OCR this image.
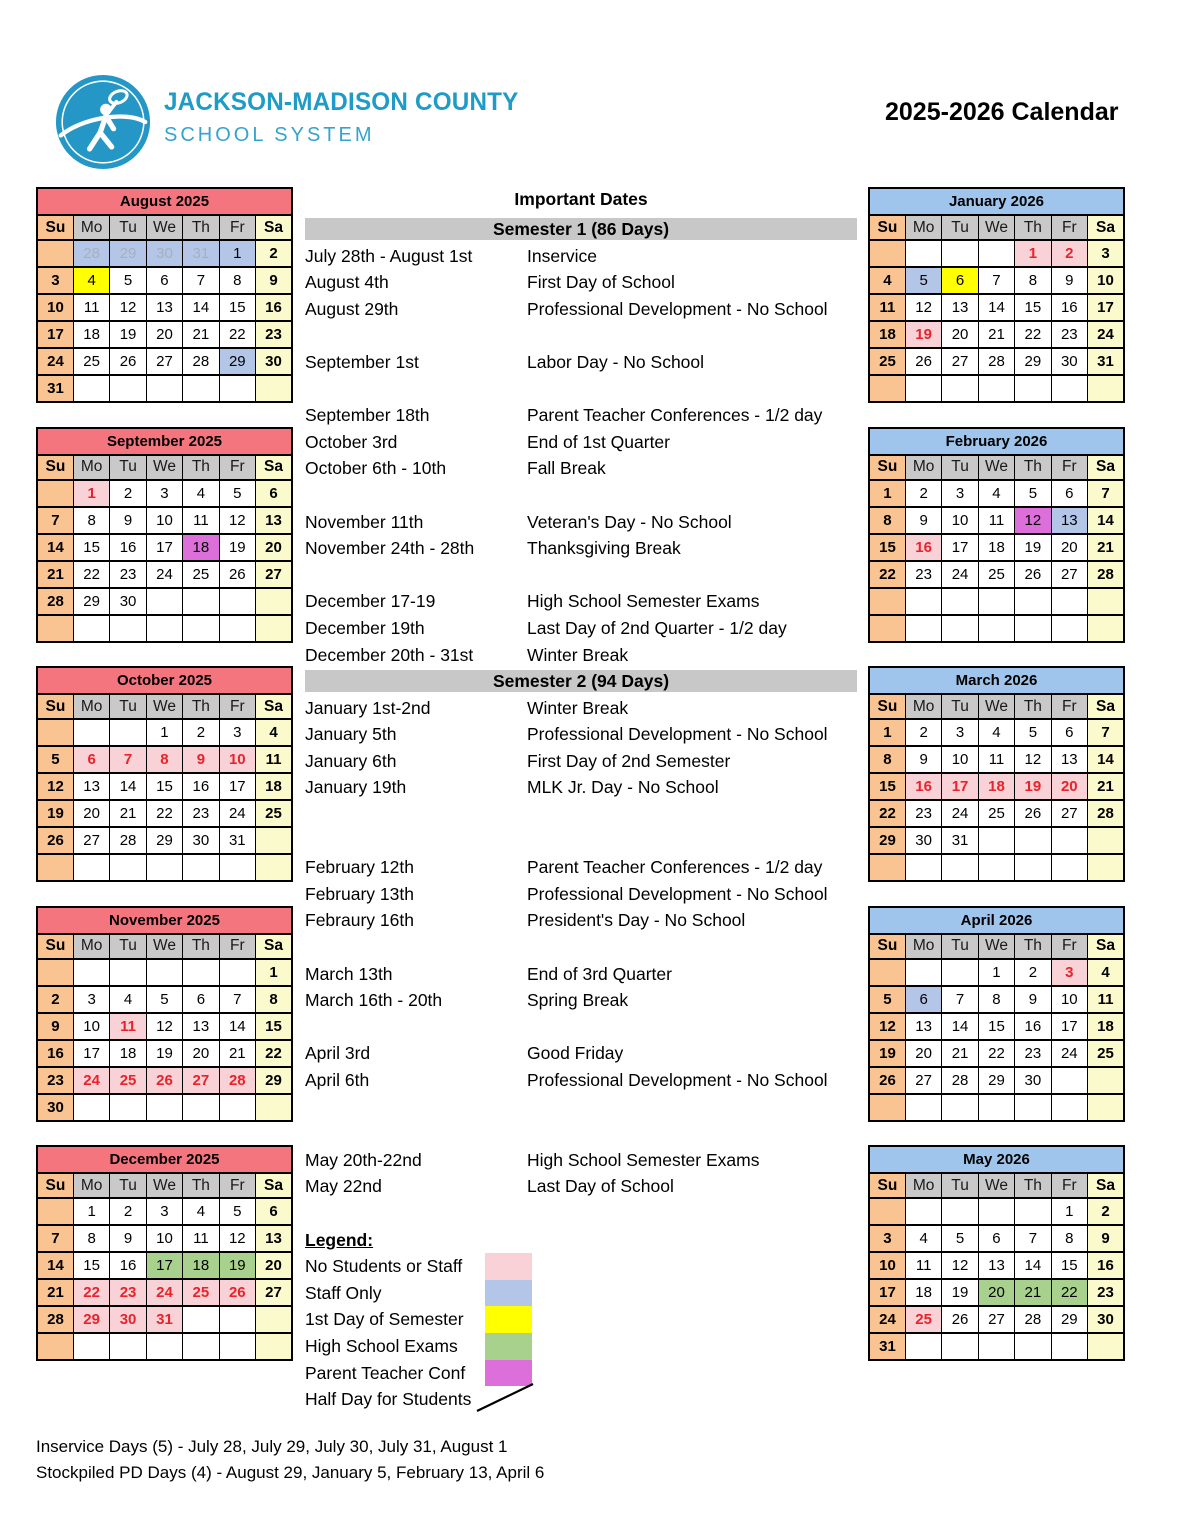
JACKSON-MADISON COUNTY
SCHOOL SYSTEM
2025-2026 Calendar
August 2025						
Su	Mo	Tu	We	Th	Fr	Sa
	28	29	30	31	1	2
3	4	5	6	7	8	9
10	11	12	13	14	15	16
17	18	19	20	21	22	23
24	25	26	27	28	29	30
31						
September 2025						
Su	Mo	Tu	We	Th	Fr	Sa
	1	2	3	4	5	6
7	8	9	10	11	12	13
14	15	16	17	18	19	20
21	22	23	24	25	26	27
28	29	30				

October 2025						
Su	Mo	Tu	We	Th	Fr	Sa
			1	2	3	4
5	6	7	8	9	10	11
12	13	14	15	16	17	18
19	20	21	22	23	24	25
26	27	28	29	30	31	

November 2025						
Su	Mo	Tu	We	Th	Fr	Sa
						1
2	3	4	5	6	7	8
9	10	11	12	13	14	15
16	17	18	19	20	21	22
23	24	25	26	27	28	29
30						
December 2025						
Su	Mo	Tu	We	Th	Fr	Sa
	1	2	3	4	5	6
7	8	9	10	11	12	13
14	15	16	17	18	19	20
21	22	23	24	25	26	27
28	29	30	31			

Important Dates
Semester 1 (86 Days)
July 28th - August 1st	Inservice
August 4th	First Day of School
August 29th	Professional Development - No School
September 1st	Labor Day - No School
September 18th	Parent Teacher Conferences - 1/2 day
October 3rd	End of 1st Quarter
October 6th - 10th	Fall Break
November 11th	Veteran's Day - No School
November 24th - 28th	Thanksgiving Break
December 17-19	High School Semester Exams
December 19th	Last Day of 2nd Quarter - 1/2 day
December 20th - 31st	Winter Break
Semester 2 (94 Days)
January 1st-2nd	Winter Break
January 5th	Professional Development - No School
January 6th	First Day of 2nd Semester
January 19th	MLK Jr. Day - No School
February 12th	Parent Teacher Conferences - 1/2 day
February 13th	Professional Development - No School
Febraury 16th	President's Day - No School
March 13th	End of 3rd Quarter
March 16th - 20th	Spring Break
April 3rd	Good Friday
April 6th	Professional Development - No School
May 20th-22nd	High School Semester Exams
May 22nd	Last Day of School
Legend:
No Students or Staff
Staff Only
1st Day of Semester
High School Exams
Parent Teacher Conf
Half Day for Students
January 2026						
Su	Mo	Tu	We	Th	Fr	Sa
				1	2	3
4	5	6	7	8	9	10
11	12	13	14	15	16	17
18	19	20	21	22	23	24
25	26	27	28	29	30	31

February 2026						
Su	Mo	Tu	We	Th	Fr	Sa
1	2	3	4	5	6	7
8	9	10	11	12	13	14
15	16	17	18	19	20	21
22	23	24	25	26	27	28

March 2026						
Su	Mo	Tu	We	Th	Fr	Sa
1	2	3	4	5	6	7
8	9	10	11	12	13	14
15	16	17	18	19	20	21
22	23	24	25	26	27	28
29	30	31				

April 2026						
Su	Mo	Tu	We	Th	Fr	Sa
			1	2	3	4
5	6	7	8	9	10	11
12	13	14	15	16	17	18
19	20	21	22	23	24	25
26	27	28	29	30		

May 2026						
Su	Mo	Tu	We	Th	Fr	Sa
					1	2
3	4	5	6	7	8	9
10	11	12	13	14	15	16
17	18	19	20	21	22	23
24	25	26	27	28	29	30
31						
Inservice Days (5) - July 28, July 29, July 30, July 31, August 1
Stockpiled PD Days (4) - August 29, January 5, February 13, April 6
